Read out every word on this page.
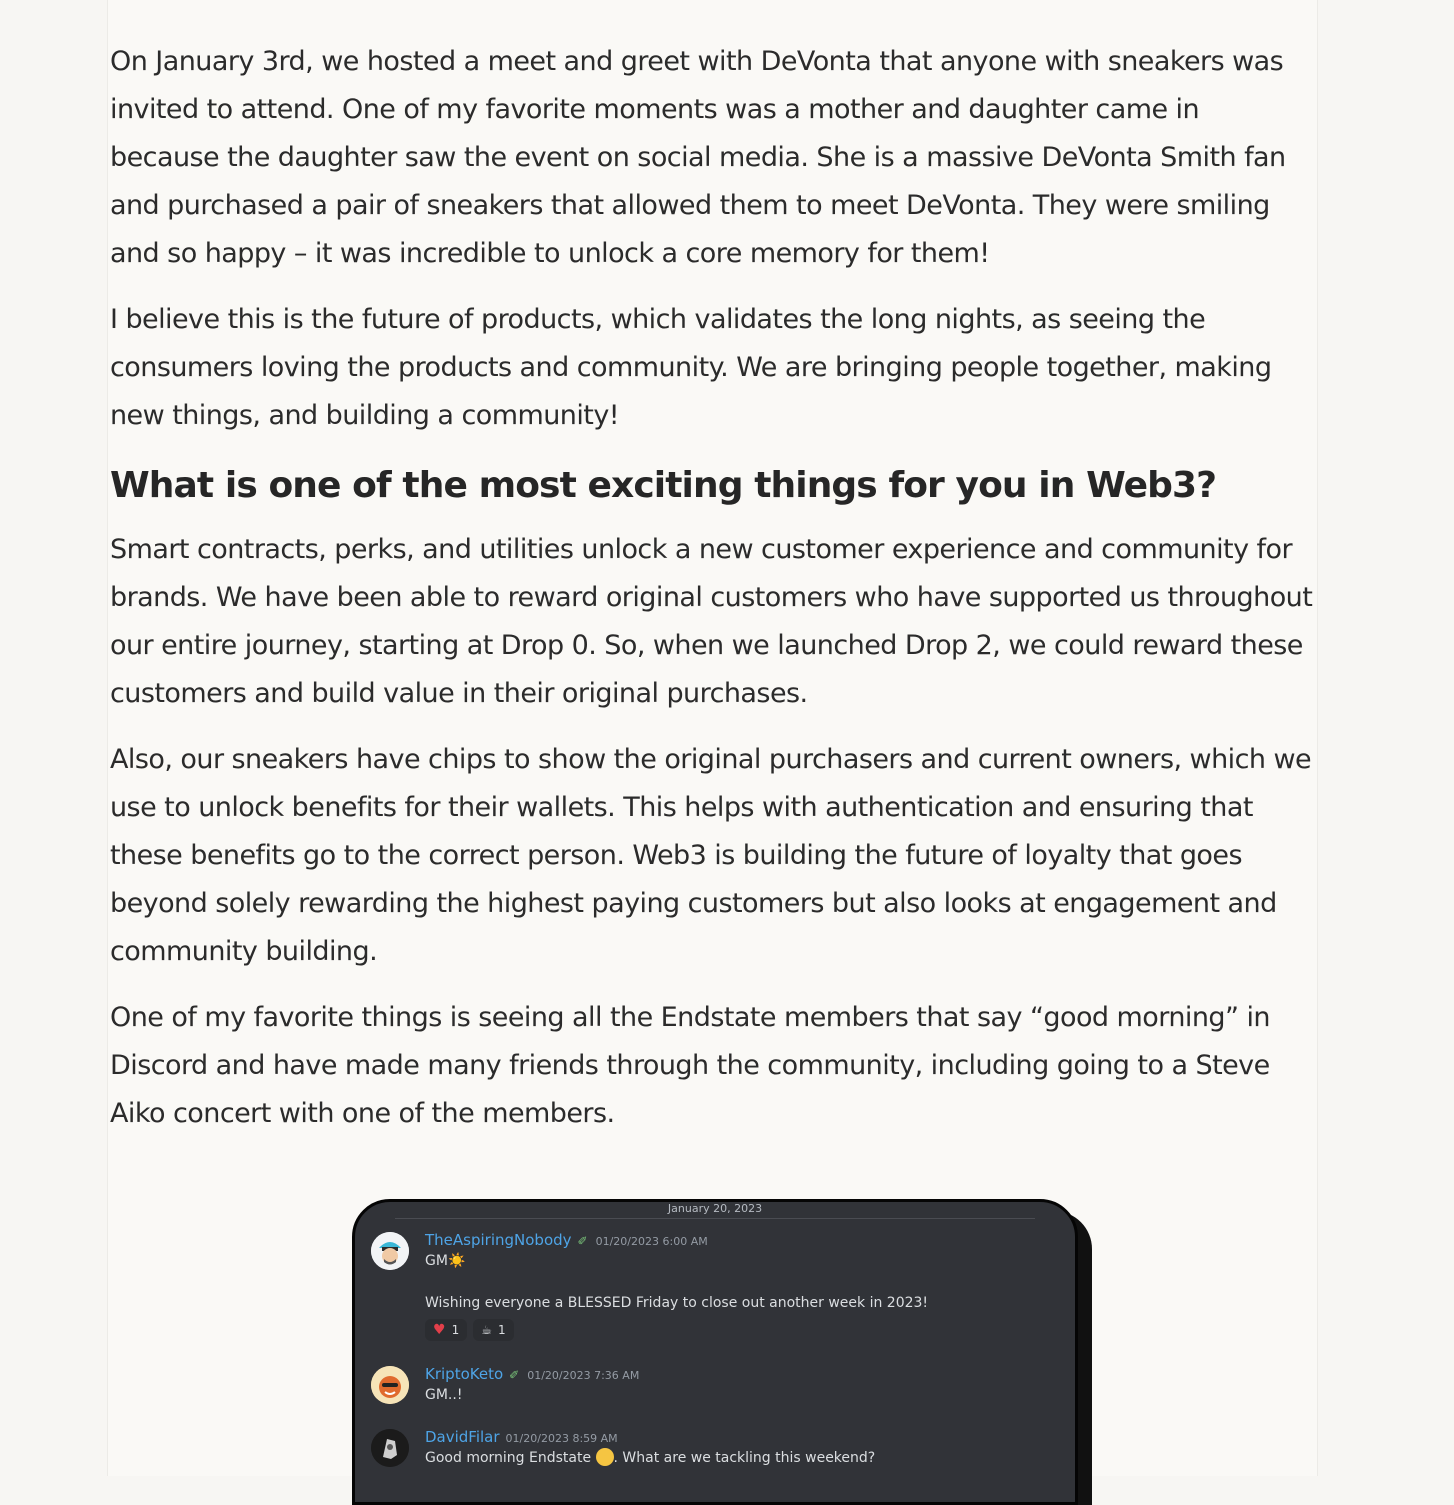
On January 3rd, we hosted a meet and greet with DeVonta that anyone with sneakers was invited to attend. One of my favorite moments was a mother and daughter came in because the daughter saw the event on social media. She is a massive DeVonta Smith fan and purchased a pair of sneakers that allowed them to meet DeVonta. They were smiling and so happy – it was incredible to unlock a core memory for them!

I believe this is the future of products, which validates the long nights, as seeing the consumers loving the products and community. We are bringing people together, making new things, and building a community!

What is one of the most exciting things for you in Web3?

Smart contracts, perks, and utilities unlock a new customer experience and community for brands. We have been able to reward original customers who have supported us throughout our entire journey, starting at Drop 0. So, when we launched Drop 2, we could reward these customers and build value in their original purchases.

Also, our sneakers have chips to show the original purchasers and current owners, which we use to unlock benefits for their wallets. This helps with authentication and ensuring that these benefits go to the correct person. Web3 is building the future of loyalty that goes beyond solely rewarding the highest paying customers but also looks at engagement and community building.

One of my favorite things is seeing all the Endstate members that say “good morning” in Discord and have made many friends through the community, including going to a Steve Aiko concert with one of the members.

January 20, 2023
TheAspiringNobody ✐ 01/20/2023 6:00 AM
GM☀️
Wishing everyone a BLESSED Friday to close out another week in 2023!
♥ 1 ☕ 1
KriptoKeto ✐ 01/20/2023 7:36 AM
GM..!
DavidFilar 01/20/2023 8:59 AM
Good morning Endstate . What are we tackling this weekend?
